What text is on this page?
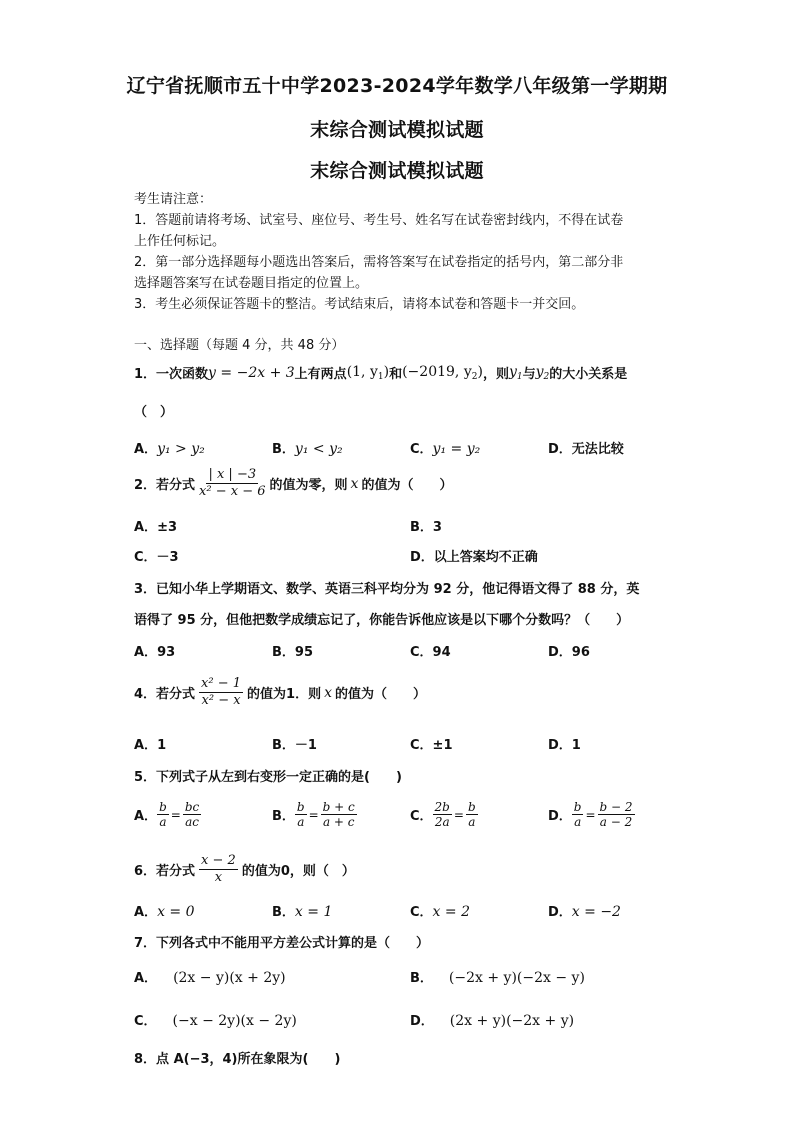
辽宁省抚顺市五十中学2023-2024学年数学八年级第一学期期
末综合测试模拟试题
末综合测试模拟试题
考生请注意：
1．答题前请将考场、试室号、座位号、考生号、姓名写在试卷密封线内，不得在试卷
上作任何标记。
2．第一部分选择题每小题选出答案后，需将答案写在试卷指定的括号内，第二部分非
选择题答案写在试卷题目指定的位置上。
3．考生必须保证答题卡的整洁。考试结束后，请将本试卷和答题卡一并交回。
一、选择题（每题 4 分，共 48 分）
1．一次函数 y = −2x + 3 上有两点 (1, $y_1$) 和 (−2019, $y_2$) ，则 $y_1$ 与 $y_2$ 的大小关系是
（　）
A．y₁ > y₂	B．y₁ < y₂	C．y₁ = y₂	D．无法比较
2．若分式 $\frac{| x | -3}{\text{x² − x − 6}}$ 的值为零，则 x 的值为（　　）
A．±3	B．3
C．－3	D．以上答案均不正确
3．已知小华上学期语文、数学、英语三科平均分为 92 分，他记得语文得了 88 分，英
语得了 95 分，但他把数学成绩忘记了，你能告诉他应该是以下哪个分数吗？（　　）
A．93	B．95	C．94	D．96
4．若分式 $\frac{\text{x² − 1}}{\text{x² − x}}$ 的值为1．则 x 的值为（　　）
A．1	B．－1	C．±1	D．1
5．下列式子从左到右变形一定正确的是(　　)
A． $\frac{b}{a} = \frac{bc}{ac}$	B． $\frac{b}{a} = \frac{b + c}{a + c}$	C． $\frac{2b}{2a} = \frac{b}{a}$	D． $\frac{b}{a} = \frac{b - 2}{a - 2}$
6．若分式 $\frac{x - 2}{x}$ 的值为0，则（　）
A．x = 0	B．x = 1	C．x = 2	D．x = −2
7．下列各式中不能用平方差公式计算的是（　　）
A． (2x − y)(x + 2y)	B． (−2x + y)(−2x − y)
C． (−x − 2y)(x − 2y)	D． (2x + y)(−2x + y)
8．点 A(−3，4)所在象限为(　　)
